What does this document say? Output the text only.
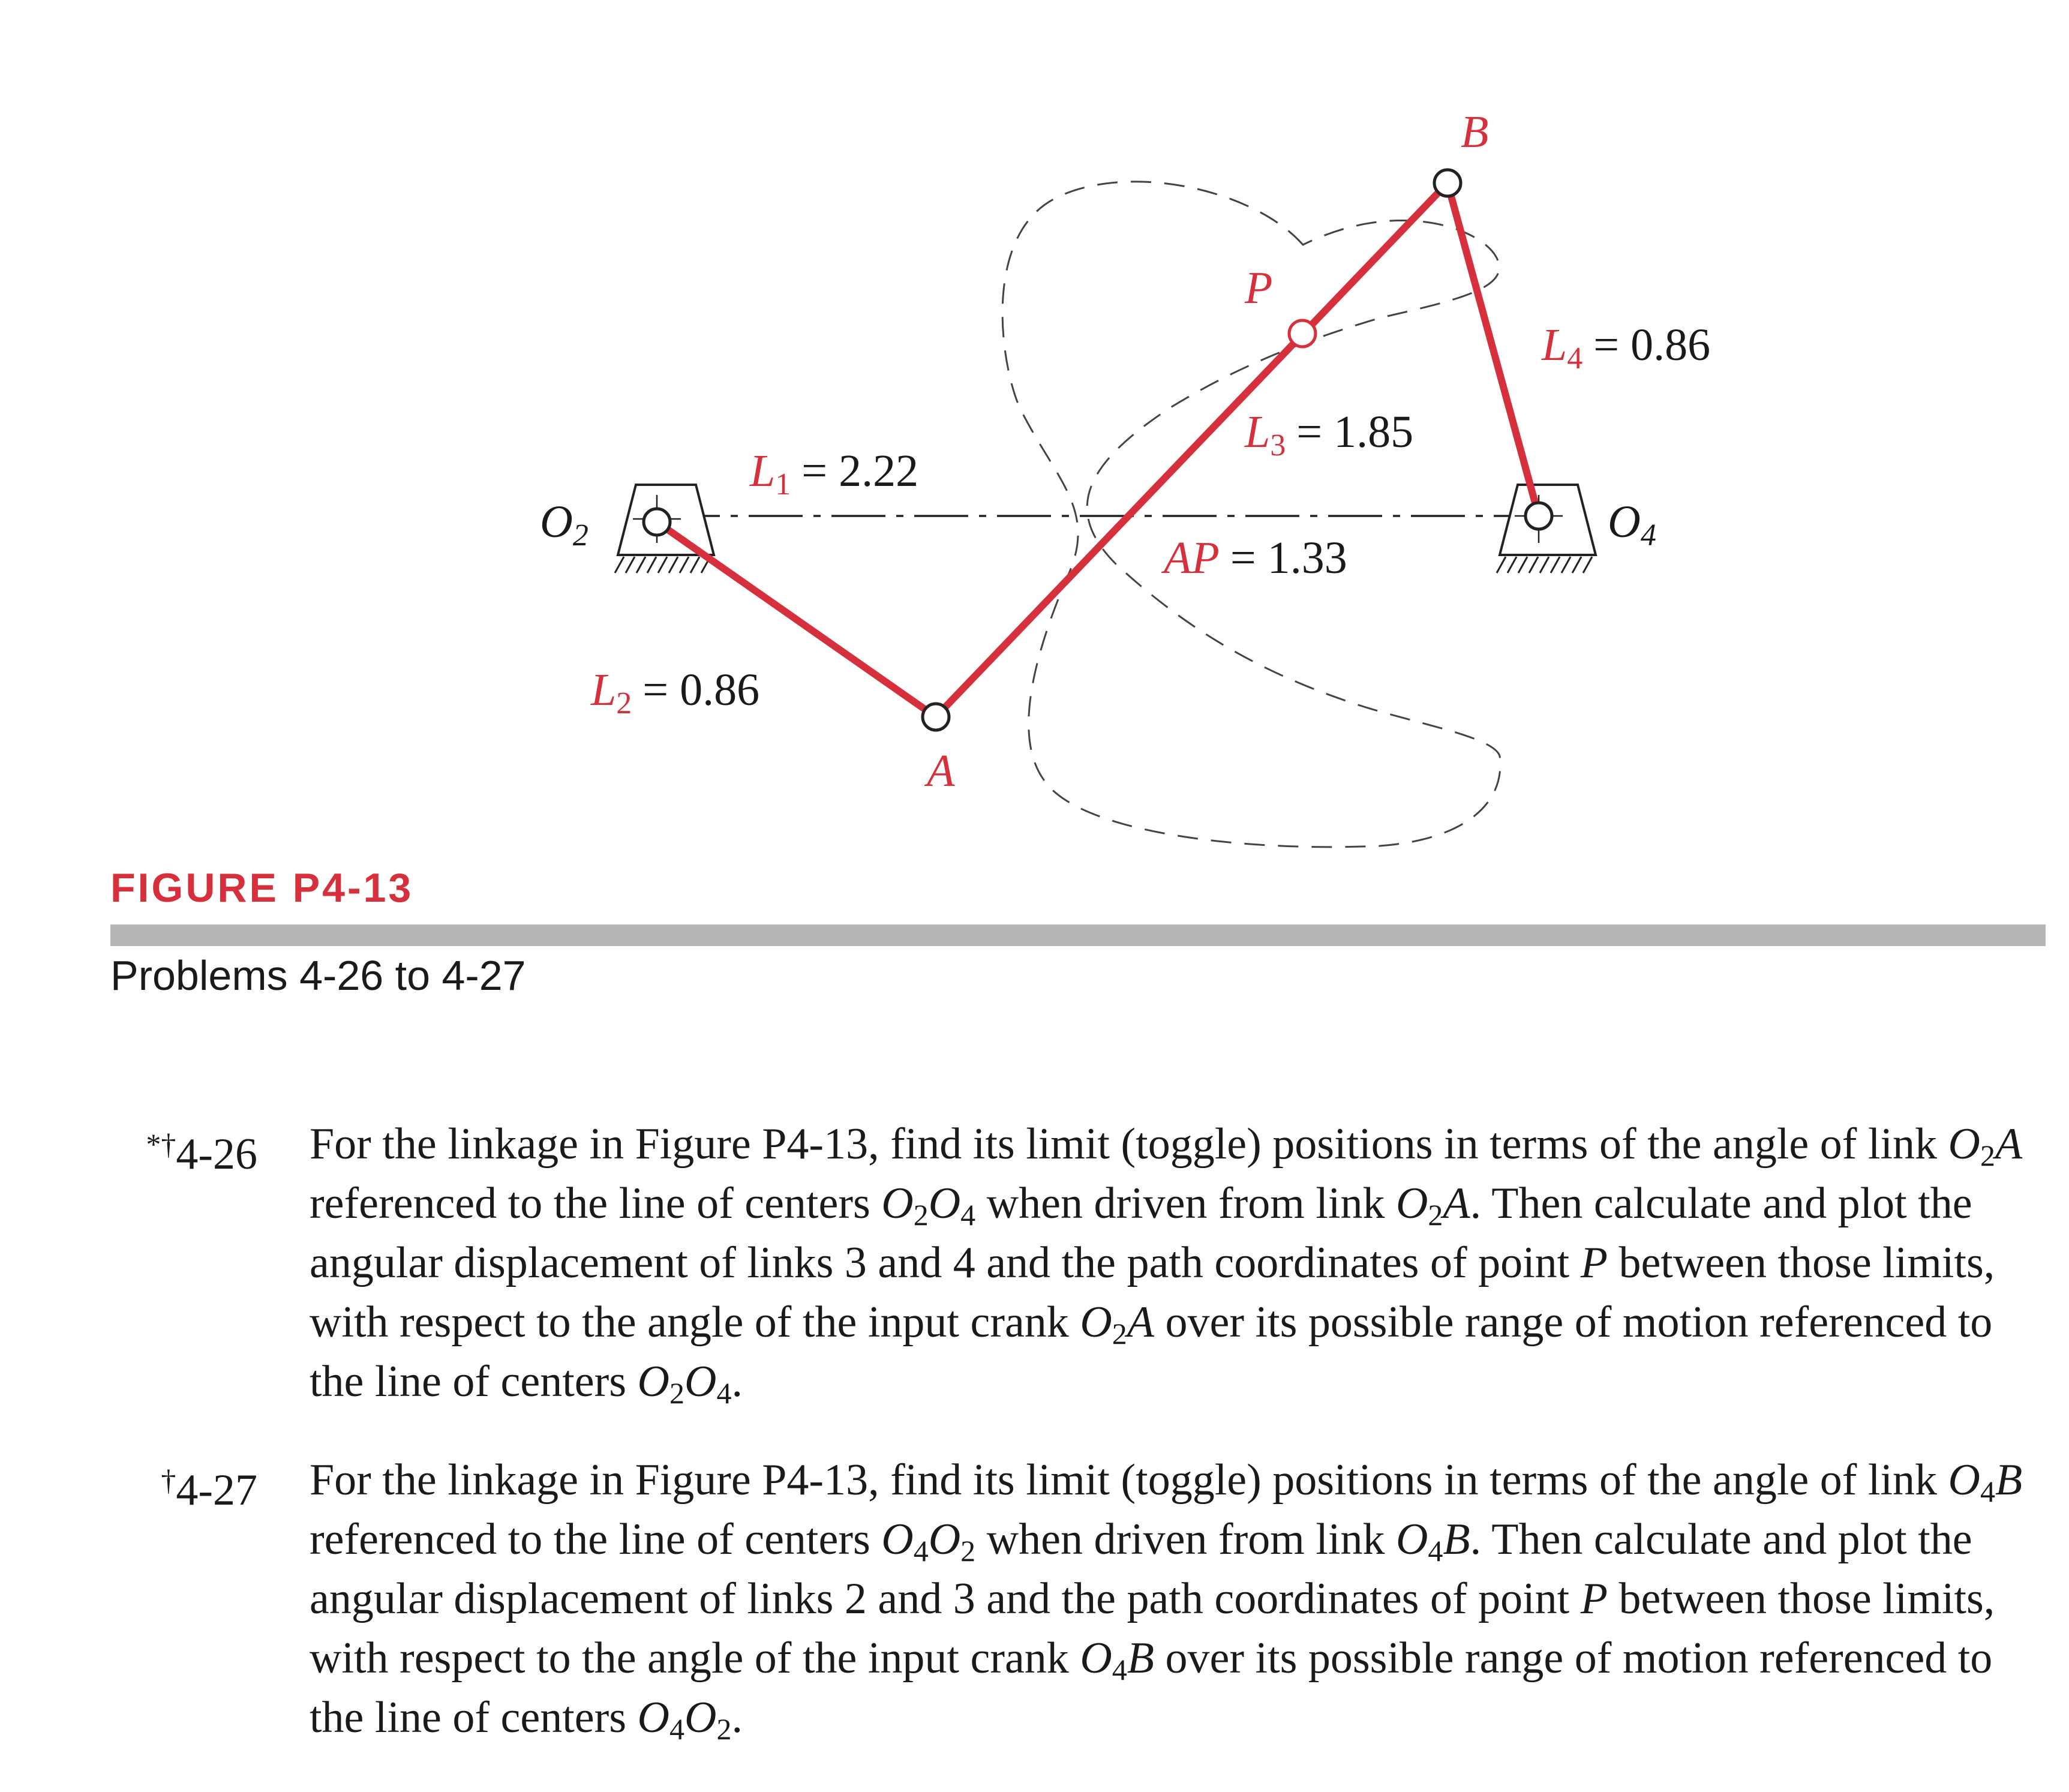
B
P
A
O2	O4
L4 = 0.86
L3 = 1.85
L1 = 2.22
L2 = 0.86
AP = 1.33
FIGURE P4-13
Problems 4-26 to 4-27
*†4-26 For the linkage in Figure P4-13, find its limit (toggle) positions in terms of the angle of link $O_2A$ referenced to the line of centers $O_2O_4$ when driven from link $O_2A$. Then calculate and plot the angular displacement of links 3 and 4 and the path coordinates of point P between those limits, with respect to the angle of the input crank $O_2A$ over its possible range of motion referenced to the line of centers $O_2O_4$.
†4-27 For the linkage in Figure P4-13, find its limit (toggle) positions in terms of the angle of link $O_4B$ referenced to the line of centers $O_4O_2$ when driven from link $O_4B$. Then calculate and plot the angular displacement of links 2 and 3 and the path coordinates of point P between those limits, with respect to the angle of the input crank $O_4B$ over its possible range of motion referenced to the line of centers $O_4O_2$.
